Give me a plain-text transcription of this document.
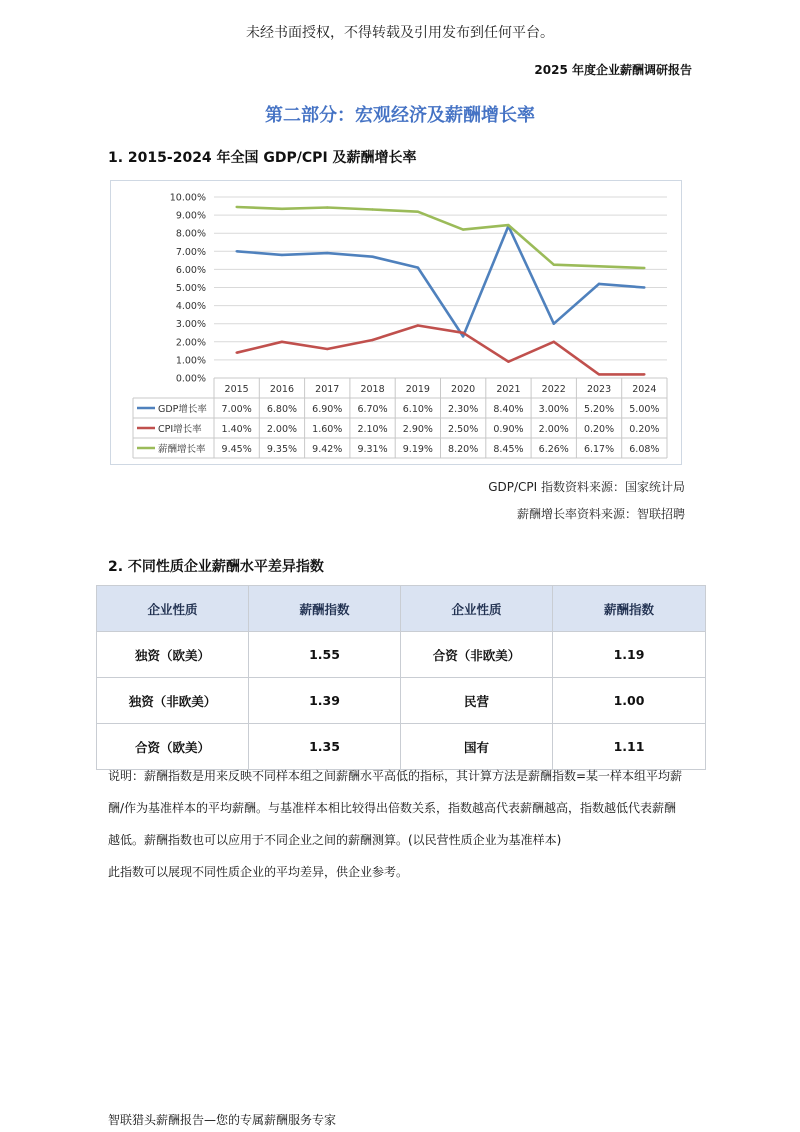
未经书面授权，不得转载及引用发布到任何平台。
2025 年度企业薪酬调研报告
第二部分：宏观经济及薪酬增长率
1. 2015-2024 年全国 GDP/CPI 及薪酬增长率
0.00%
1.00%
2.00%
3.00%
4.00%
5.00%
6.00%
7.00%
8.00%
9.00%
10.00%
2015 2016 2017 2018 2019 2020 2021 2022 2023 2024
GDP增长率 7.00% 6.80% 6.90% 6.70% 6.10% 2.30% 8.40% 3.00% 5.20% 5.00%
CPI增长率 1.40% 2.00% 1.60% 2.10% 2.90% 2.50% 0.90% 2.00% 0.20% 0.20%
薪酬增长率 9.45% 9.35% 9.42% 9.31% 9.19% 8.20% 8.45% 6.26% 6.17% 6.08%
GDP/CPI 指数资料来源：国家统计局
薪酬增长率资料来源：智联招聘
2. 不同性质企业薪酬水平差异指数
企业性质	薪酬指数	企业性质	薪酬指数
独资（欧美）	1.55	合资（非欧美）	1.19
独资（非欧美）	1.39	民营	1.00
合资（欧美）	1.35	国有	1.11
说明：薪酬指数是用来反映不同样本组之间薪酬水平高低的指标，其计算方法是薪酬指数=某一样本组平均薪
酬/作为基准样本的平均薪酬。与基准样本相比较得出倍数关系，指数越高代表薪酬越高，指数越低代表薪酬
越低。薪酬指数也可以应用于不同企业之间的薪酬测算。(以民营性质企业为基准样本)
此指数可以展现不同性质企业的平均差异，供企业参考。
智联猎头薪酬报告—您的专属薪酬服务专家
